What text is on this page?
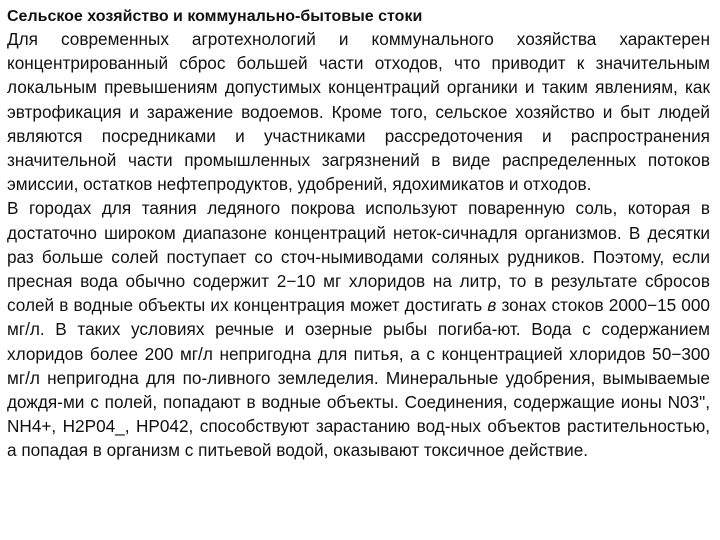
Сельское хозяйство и коммунально-бытовые стоки

Для современных агротехнологий и коммунального хозяйства характерен концентрированный сброс большей части отходов, что приводит к значительным локальным превышениям допустимых концентраций органики и таким явлениям, как эвтрофикация и заражение водоемов. Кроме того, сельское хозяйство и быт людей являются посредниками и участниками рассредоточения и распространения значительной части промышленных загрязнений в виде распределенных потоков эмиссии, остатков нефтепродуктов, удобрений, ядохимикатов и отходов.

В городах для таяния ледяного покрова используют поваренную соль, которая в достаточно широком диапазоне концентраций неток-сичнадля организмов. В десятки раз больше солей поступает со сточ-нымиводами соляных рудников. Поэтому, если пресная вода обычно содержит 2−10 мг хлоридов на литр, то в результате сбросов солей в водные объекты их концентрация может достигать в зонах стоков 2000−15 000 мг/л. В таких условиях речные и озерные рыбы погиба-ют. Вода с содержанием хлоридов более 200 мг/л непригодна для питья, а с концентрацией хлоридов 50−300 мг/л непригодна для по-ливного земледелия. Минеральные удобрения, вымываемые дождя-ми с полей, попадают в водные объекты. Соединения, содержащие ионы N03", NH4+, H2P04_, HP042, способствуют зарастанию вод-ных объектов растительностью, а попадая в организм с питьевой водой, оказывают токсичное действие.
